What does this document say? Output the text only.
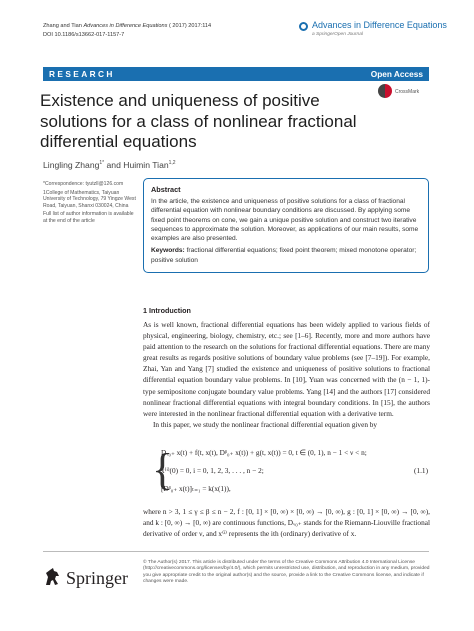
Zhang and Tian Advances in Difference Equations ( 2017) 2017:114
DOI 10.1186/s13662-017-1157-7
Advances in Difference Equations
a SpringerOpen Journal
RESEARCH	Open Access
CrossMark
Existence and uniqueness of positive solutions for a class of nonlinear fractional differential equations
Lingling Zhang$^{1*}$ and Huimin Tian$^{1,2}$

*Correspondence: tyutzll@126.com

1College of Mathematics, Taiyuan University of Technology, 79 Yingze West Road, Taiyuan, Shanxi 030024, China

Full list of author information is available at the end of the article

Abstract
In the article, the existence and uniqueness of positive solutions for a class of fractional differential equation with nonlinear boundary conditions are discussed. By applying some fixed point theorems on cone, we gain a unique positive solution and construct two iterative sequences to approximate the solution. Moreover, as applications of our main results, some examples are also presented.
Keywords: fractional differential equations; fixed point theorem; mixed monotone operator; positive solution
1 Introduction

As is well known, fractional differential equations has been widely applied to various fields of physical, engineering, biology, chemistry, etc.; see [1–6]. Recently, more and more authors have paid attention to the research on the solutions for fractional differential equations. There are many great results as regards positive solutions of boundary value problems (see [7–19]). For example, Zhai, Yan and Yang [7] studied the existence and uniqueness of positive solutions to fractional differential equation boundary value problems. In [10], Yuan was concerned with the (n − 1, 1)-type semipositone conjugate boundary value problems. Yang [14] and the authors [17] considered nonlinear fractional differential equations with integral boundary conditions. In [15], the authors were interested in the nonlinear fractional differential equation with a derivative term.

In this paper, we study the nonlinear fractional differential equation given by

{
Dᵥ₀₊ x(t) + f(t, x(t), Dᵝ₀₊ x(t)) + g(t, x(t)) = 0, t ∈ (0, 1), n − 1 < ν < n;
x⁽ⁱ⁾(0) = 0, i = 0, 1, 2, 3, . . . , n − 2;
[Dᵝ₀₊ x(t)]ₜ₌₁ = k(x(1)),
(1.1)

where n > 3, 1 ≤ γ ≤ β ≤ n − 2, f : [0, 1] × [0, ∞) × [0, ∞) → [0, ∞), g : [0, 1] × [0, ∞) → [0, ∞), and k : [0, ∞) → [0, ∞) are continuous functions, Dᵥ₀₊ stands for the Riemann-Liouville fractional derivative of order ν, and x⁽ⁱ⁾ represents the ith (ordinary) derivative of x.

Springer
© The Author(s) 2017. This article is distributed under the terms of the Creative Commons Attribution 4.0 International License (http://creativecommons.org/licenses/by/4.0/), which permits unrestricted use, distribution, and reproduction in any medium, provided you give appropriate credit to the original author(s) and the source, provide a link to the Creative Commons license, and indicate if changes were made.
